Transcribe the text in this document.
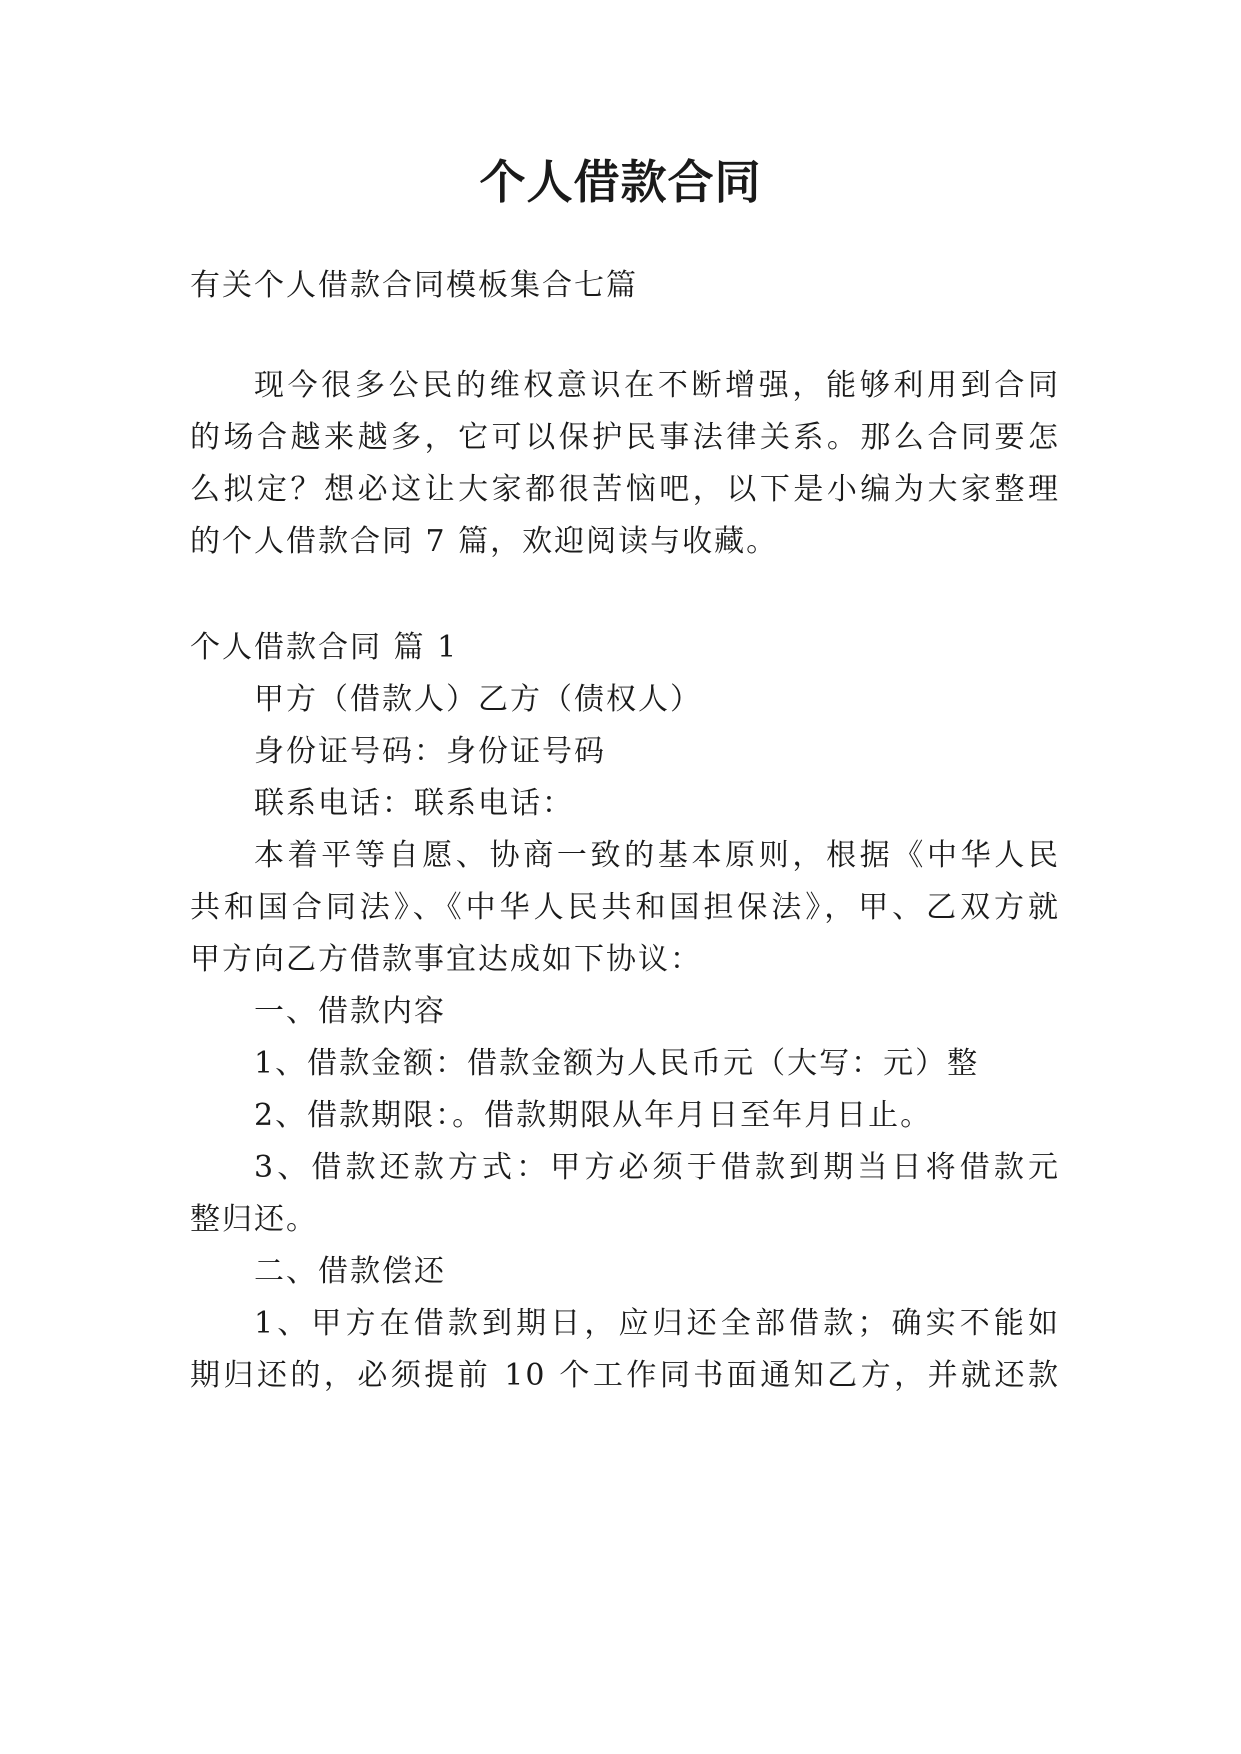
个人借款合同
有关个人借款合同模板集合七篇
现今很多公民的维权意识在不断增强，能够利用到合同
的场合越来越多，它可以保护民事法律关系。那么合同要怎
么拟定？想必这让大家都很苦恼吧，以下是小编为大家整理
的个人借款合同 7 篇，欢迎阅读与收藏。
个人借款合同 篇 1
甲方（借款人）乙方（债权人）
身份证号码：身份证号码
联系电话：联系电话：
本着平等自愿、协商一致的基本原则，根据《中华人民
共和国合同法》、《中华人民共和国担保法》，甲、乙双方就
甲方向乙方借款事宜达成如下协议：
一、借款内容
1、借款金额：借款金额为人民币元（大写：元）整
2、借款期限：。借款期限从年月日至年月日止。
3、借款还款方式：甲方必须于借款到期当日将借款元
整归还。
二、借款偿还
1、甲方在借款到期日，应归还全部借款；确实不能如
期归还的，必须提前 10 个工作同书面通知乙方，并就还款
